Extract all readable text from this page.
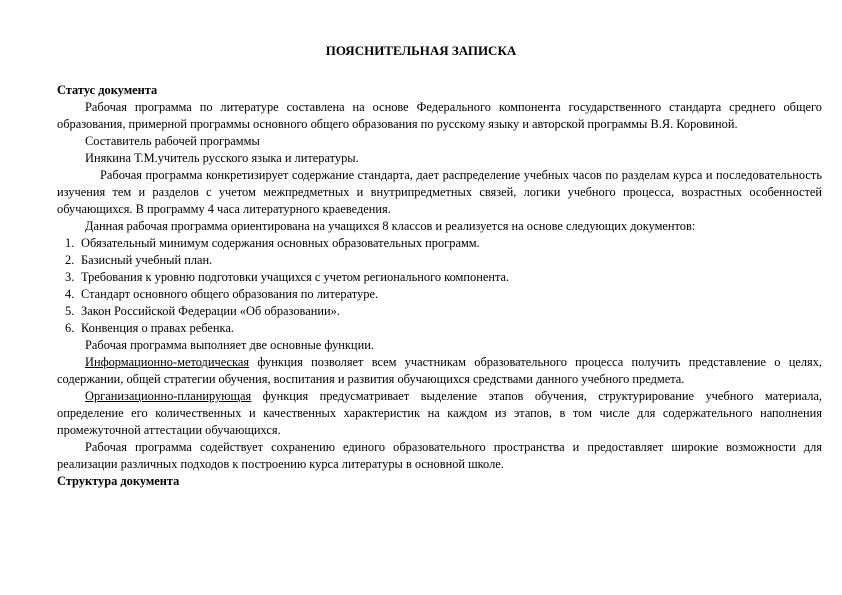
ПОЯСНИТЕЛЬНАЯ ЗАПИСКА

Статус документа

Рабочая программа по литературе составлена на основе Федерального компонента государственного стандарта среднего общего образования, примерной программы основного общего образования по русскому языку и авторской программы В.Я. Коровиной.

Составитель рабочей программы

Инякина Т.М.учитель русского языка и литературы.

Рабочая программа конкретизирует содержание стандарта, дает распределение учебных часов по разделам курса и последовательность изучения тем и разделов с учетом межпредметных и внутрипредметных связей, логики учебного процесса, возрастных особенностей обучающихся. В программу 4 часа литературного краеведения.

Данная рабочая программа ориентирована на учащихся 8 классов и реализуется на основе следующих документов:

1. Обязательный минимум содержания основных образовательных программ.
2. Базисный учебный план.
3. Требования к уровню подготовки учащихся с учетом регионального компонента.
4. Стандарт основного общего образования по литературе.
5. Закон Российской Федерации «Об образовании».
6. Конвенция о правах ребенка.

Рабочая программа выполняет две основные функции.

Информационно-методическая функция позволяет всем участникам образовательного процесса получить представление о целях, содержании, общей стратегии обучения, воспитания и развития обучающихся средствами данного учебного предмета.

Организационно-планирующая функция предусматривает выделение этапов обучения, структурирование учебного материала, определение его количественных и качественных характеристик на каждом из этапов, в том числе для содержательного наполнения промежуточной аттестации обучающихся.

Рабочая программа содействует сохранению единого образовательного пространства и предоставляет широкие возможности для реализации различных подходов к построению курса литературы в основной школе.

Структура документа
